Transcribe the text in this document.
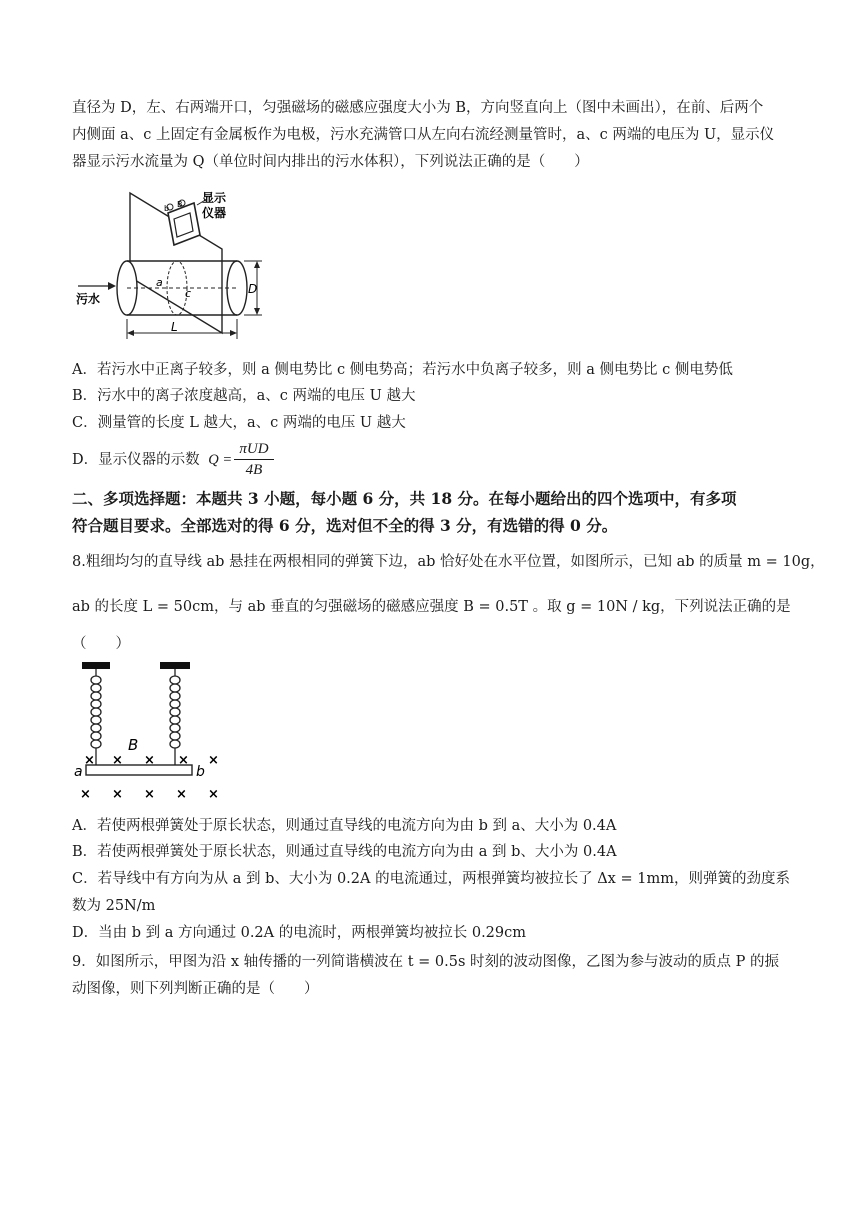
直径为 D，左、右两端开口，匀强磁场的磁感应强度大小为 B，方向竖直向上（图中未画出），在前、后两个
内侧面 a、c 上固定有金属板作为电极，污水充满管口从左向右流经测量管时，a、c 两端的电压为 U，显示仪
器显示污水流量为 Q（单位时间内排出的污水体积），下列说法正确的是（　　）
b B 显示
仪器
a
c
污水
D
L
A．若污水中正离子较多，则 a 侧电势比 c 侧电势高；若污水中负离子较多，则 a 侧电势比 c 侧电势低
B．污水中的离子浓度越高，a、c 两端的电压 U 越大
C．测量管的长度 L 越大，a、c 两端的电压 U 越大
D．显示仪器的示数 Q =
πUD
4B
二、多项选择题：本题共 3 小题，每小题 6 分，共 18 分。在每小题给出的四个选项中，有多项
符合题目要求。全部选对的得 6 分，选对但不全的得 3 分，有选错的得 0 分。
8.粗细均匀的直导线 ab 悬挂在两根相同的弹簧下边，ab 恰好处在水平位置，如图所示，已知 ab 的质量 m = 10g，
ab 的长度 L = 50cm，与 ab 垂直的匀强磁场的磁感应强度 B = 0.5T 。取 g = 10N / kg，下列说法正确的是
（　　）
a	b
B
× × × × ×
× × × × ×
A．若使两根弹簧处于原长状态，则通过直导线的电流方向为由 b 到 a、大小为 0.4A
B．若使两根弹簧处于原长状态，则通过直导线的电流方向为由 a 到 b、大小为 0.4A
C．若导线中有方向为从 a 到 b、大小为 0.2A 的电流通过，两根弹簧均被拉长了 Δx = 1mm，则弹簧的劲度系
数为 25N/m
D．当由 b 到 a 方向通过 0.2A 的电流时，两根弹簧均被拉长 0.29cm
9．如图所示，甲图为沿 x 轴传播的一列简谐横波在 t = 0.5s 时刻的波动图像，乙图为参与波动的质点 P 的振
动图像，则下列判断正确的是（　　）
